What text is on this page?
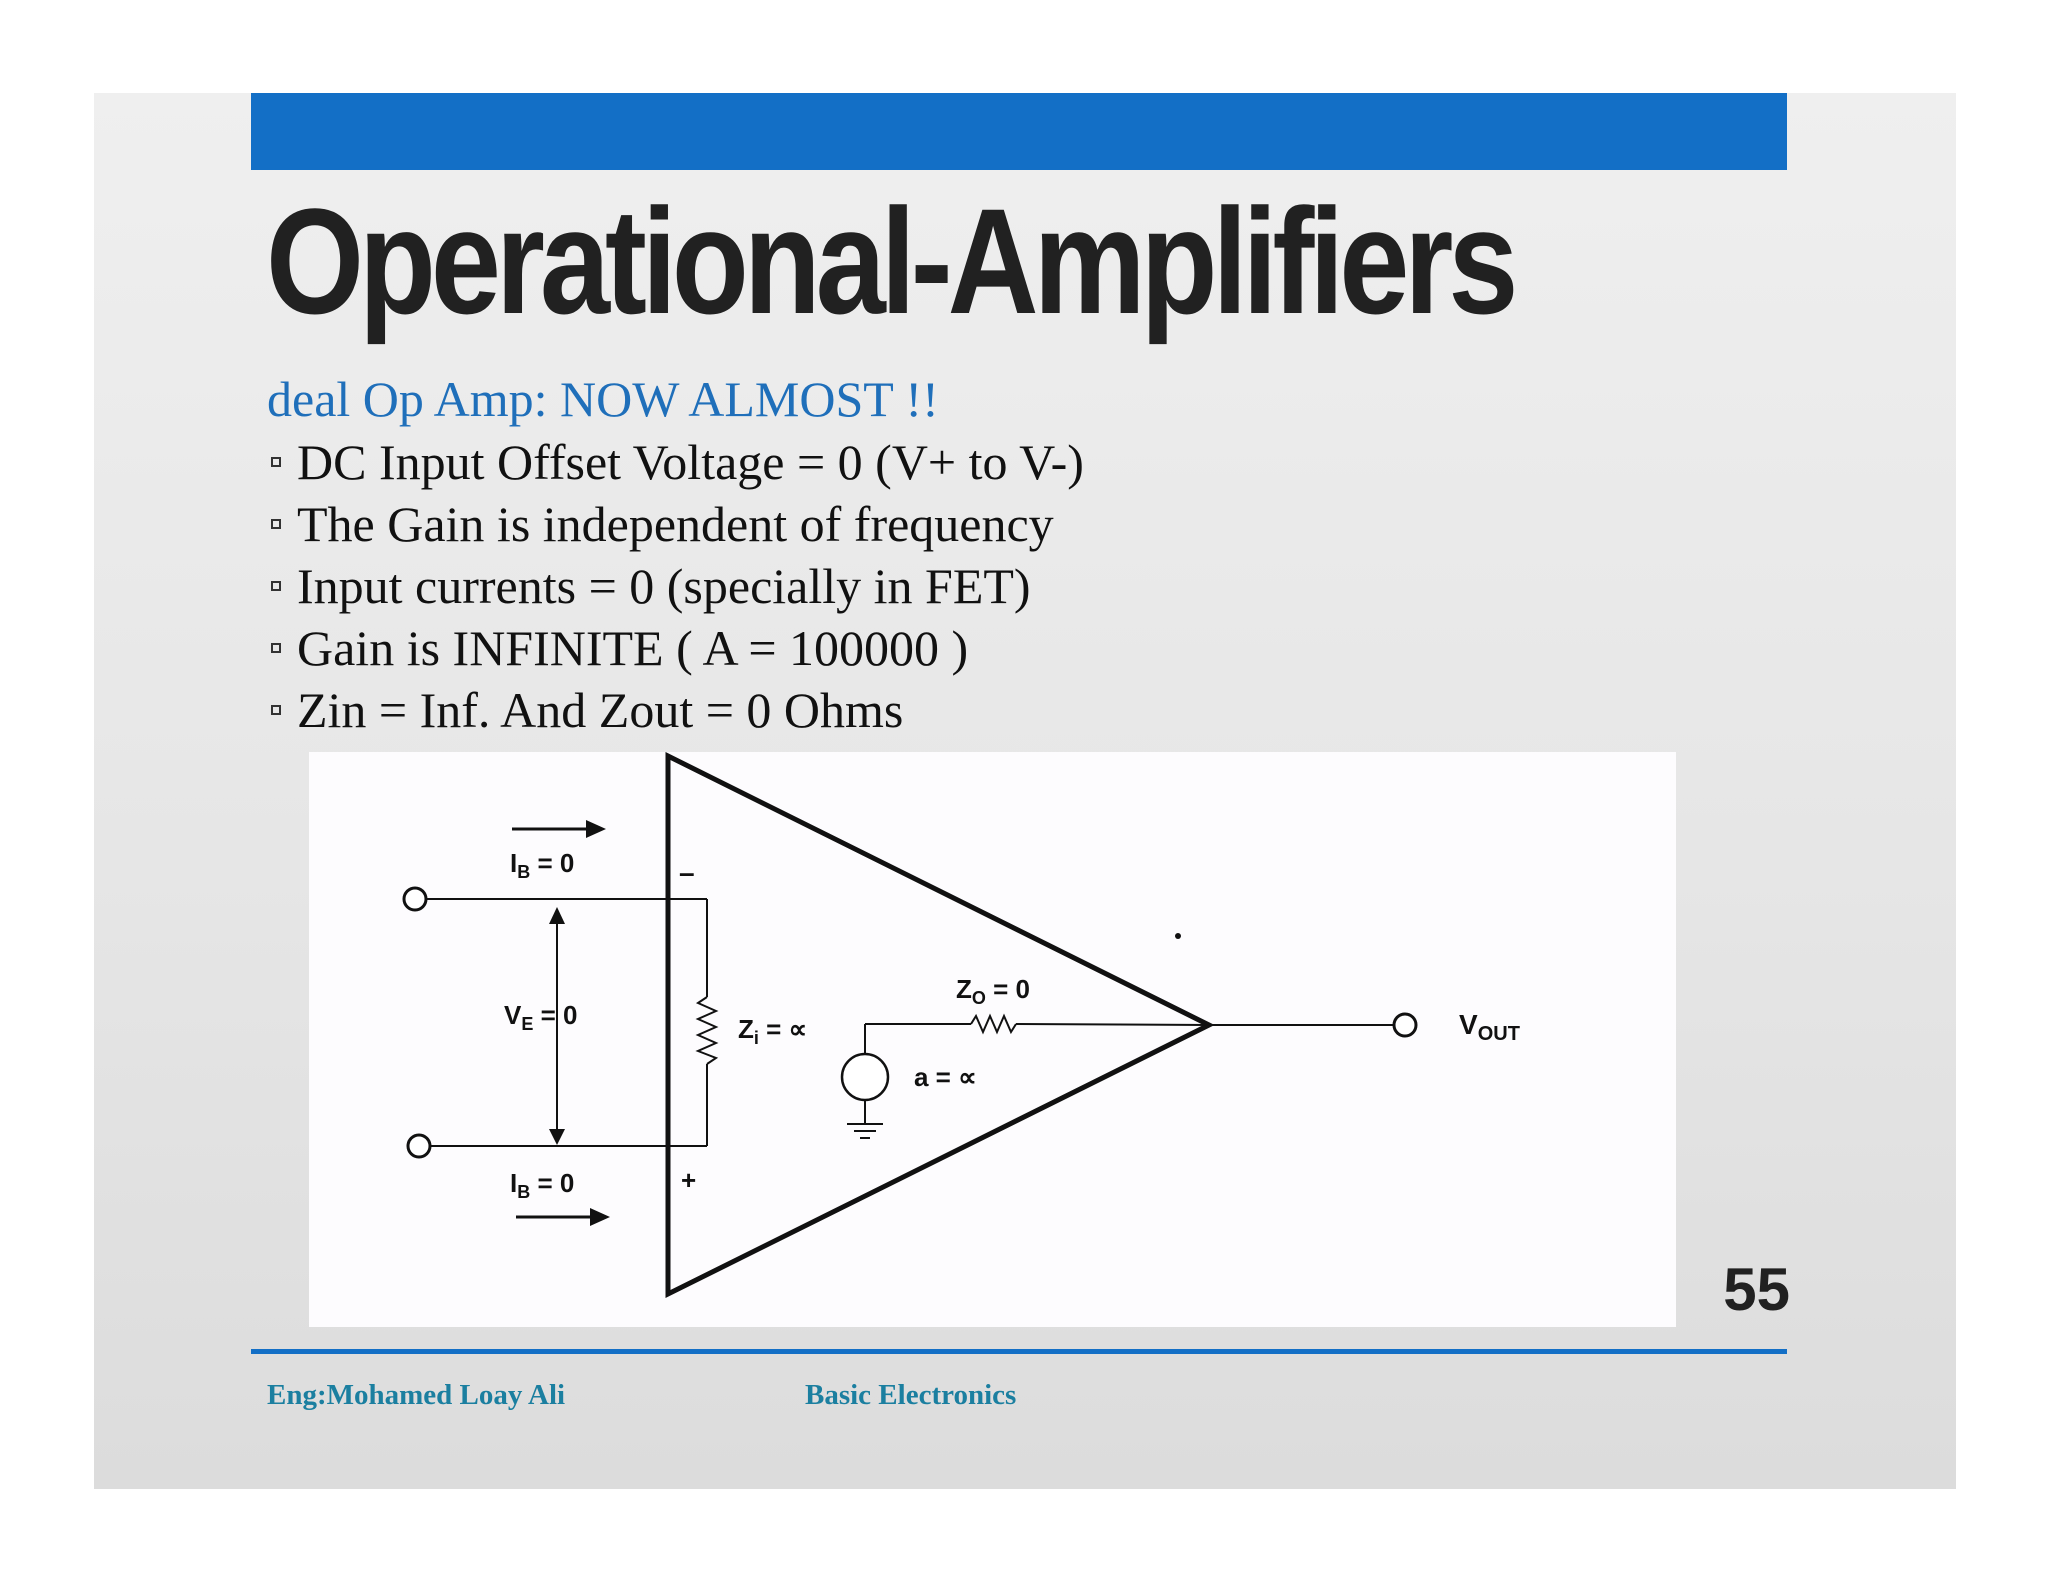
Operational-Amplifiers
deal Op Amp: NOW ALMOST !!
DC Input Offset Voltage = 0 (V+ to V-)
The Gain is independent of frequency
Input currents = 0 (specially in FET)
Gain is INFINITE ( A = 100000 )
Zin = Inf. And Zout = 0 Ohms
$I_B = 0$
$I_B = 0$
$V_E = 0$	$Z_i$ = ∝
$Z_O = 0$
a = ∝
$V_{OUT}$
–
+
55
Eng:Mohamed Loay Ali	Basic Electronics
